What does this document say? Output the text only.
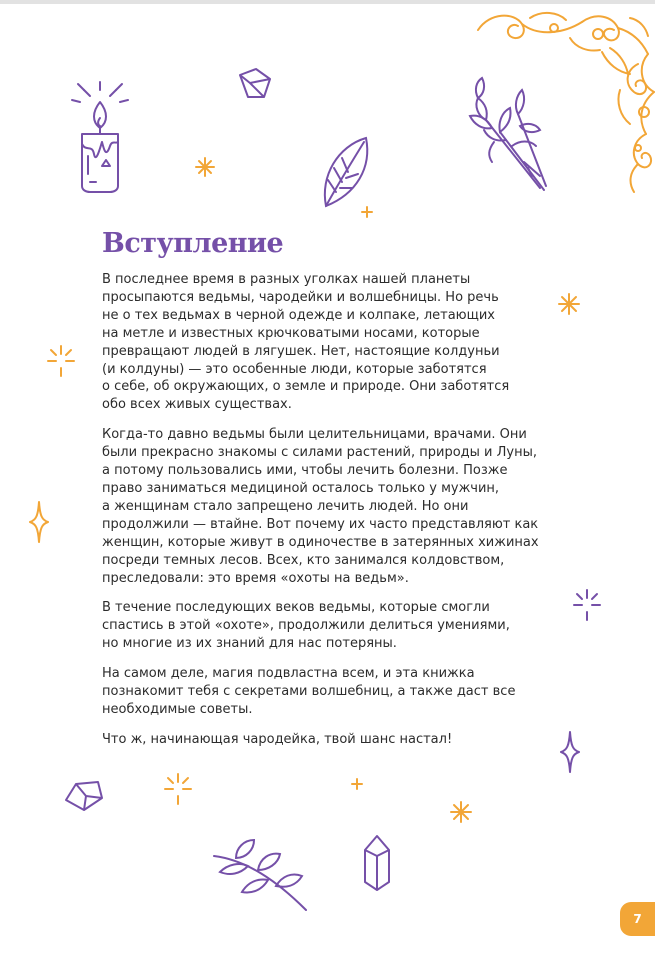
Вступление

В последнее время в разных уголках нашей планеты
просыпаются ведьмы, чародейки и волшебницы. Но речь
не о тех ведьмах в черной одежде и колпаке, летающих
на метле и известных крючковатыми носами, которые
превращают людей в лягушек. Нет, настоящие колдуньи
(и колдуны) — это особенные люди, которые заботятся
о себе, об окружающих, о земле и природе. Они заботятся
обо всех живых существах.

Когда-то давно ведьмы были целительницами, врачами. Они
были прекрасно знакомы с силами растений, природы и Луны,
а потому пользовались ими, чтобы лечить болезни. Позже
право заниматься медициной осталось только у мужчин,
а женщинам стало запрещено лечить людей. Но они
продолжили — втайне. Вот почему их часто представляют как
женщин, которые живут в одиночестве в затерянных хижинах
посреди темных лесов. Всех, кто занимался колдовством,
преследовали: это время «охоты на ведьм».

В течение последующих веков ведьмы, которые смогли
спастись в этой «охоте», продолжили делиться умениями,
но многие из их знаний для нас потеряны.

На самом деле, магия подвластна всем, и эта книжка
познакомит тебя с секретами волшебниц, а также даст все
необходимые советы.

Что ж, начинающая чародейка, твой шанс настал!

7
